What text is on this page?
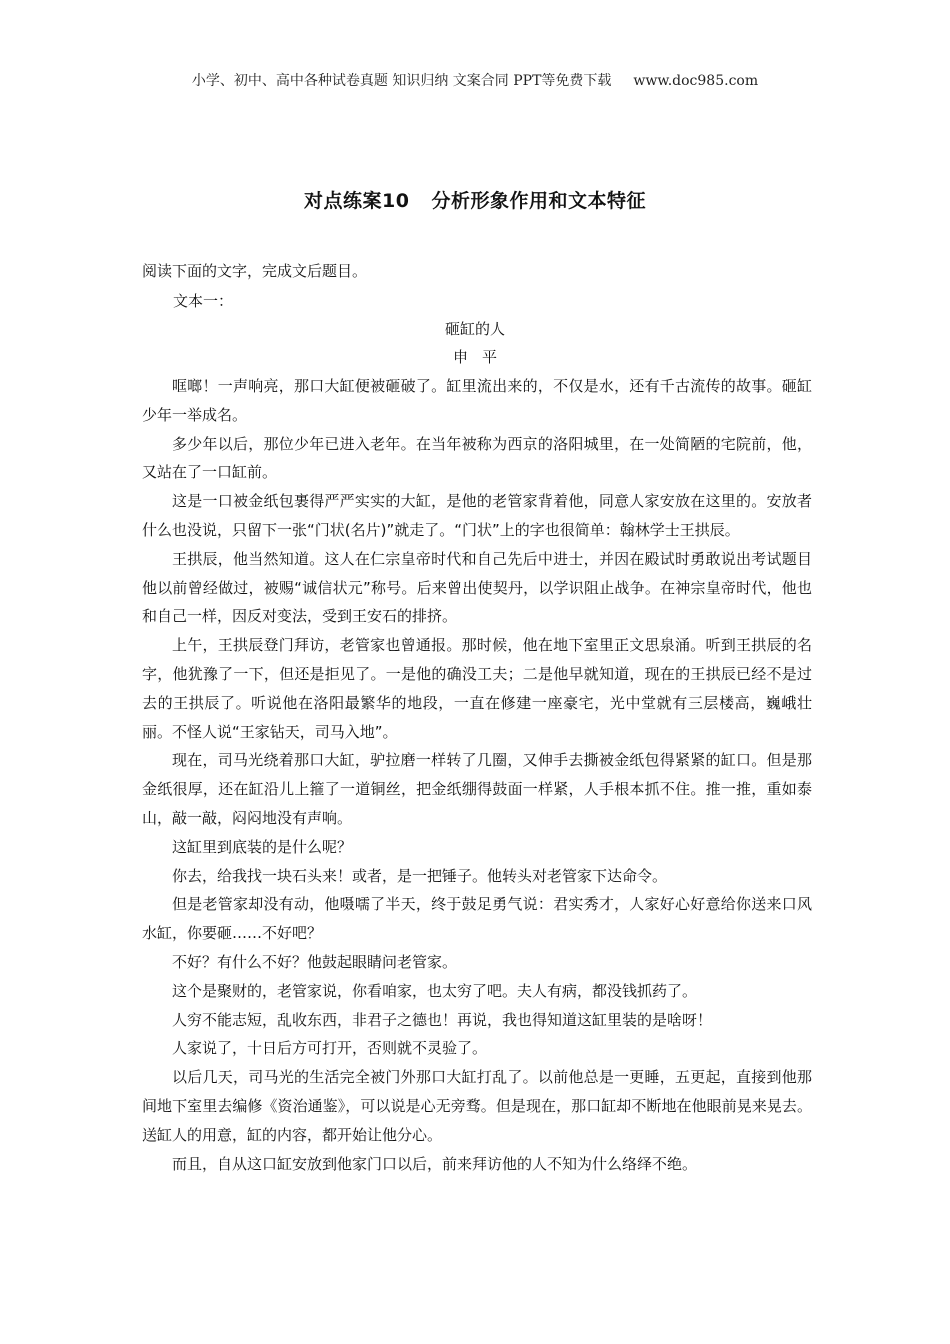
小学、初中、高中各种试卷真题 知识归纳 文案合同 PPT等免费下载 www.doc985.com
对点练案10 分析形象作用和文本特征
阅读下面的文字，完成文后题目。
文本一：
砸缸的人
申平

哐啷！一声响亮，那口大缸便被砸破了。缸里流出来的，不仅是水，还有千古流传的故事。砸缸少年一举成名。

多少年以后，那位少年已进入老年。在当年被称为西京的洛阳城里，在一处简陋的宅院前，他，又站在了一口缸前。

这是一口被金纸包裹得严严实实的大缸，是他的老管家背着他，同意人家安放在这里的。安放者什么也没说，只留下一张“门状(名片)”就走了。“门状”上的字也很简单：翰林学士王拱辰。

王拱辰，他当然知道。这人在仁宗皇帝时代和自己先后中进士，并因在殿试时勇敢说出考试题目他以前曾经做过，被赐“诚信状元”称号。后来曾出使契丹，以学识阻止战争。在神宗皇帝时代，他也和自己一样，因反对变法，受到王安石的排挤。

上午，王拱辰登门拜访，老管家也曾通报。那时候，他在地下室里正文思泉涌。听到王拱辰的名字，他犹豫了一下，但还是拒见了。一是他的确没工夫；二是他早就知道，现在的王拱辰已经不是过去的王拱辰了。听说他在洛阳最繁华的地段，一直在修建一座豪宅，光中堂就有三层楼高，巍峨壮丽。不怪人说“王家钻天，司马入地”。

现在，司马光绕着那口大缸，驴拉磨一样转了几圈，又伸手去撕被金纸包得紧紧的缸口。但是那金纸很厚，还在缸沿儿上箍了一道铜丝，把金纸绷得鼓面一样紧，人手根本抓不住。推一推，重如泰山，敲一敲，闷闷地没有声响。

这缸里到底装的是什么呢？

你去，给我找一块石头来！或者，是一把锤子。他转头对老管家下达命令。

但是老管家却没有动，他嗫嚅了半天，终于鼓足勇气说：君实秀才，人家好心好意给你送来口风水缸，你要砸……不好吧？

不好？有什么不好？他鼓起眼睛问老管家。

这个是聚财的，老管家说，你看咱家，也太穷了吧。夫人有病，都没钱抓药了。

人穷不能志短，乱收东西，非君子之德也！再说，我也得知道这缸里装的是啥呀！

人家说了，十日后方可打开，否则就不灵验了。

以后几天，司马光的生活完全被门外那口大缸打乱了。以前他总是一更睡，五更起，直接到他那间地下室里去编修《资治通鉴》，可以说是心无旁骛。但是现在，那口缸却不断地在他眼前晃来晃去。送缸人的用意，缸的内容，都开始让他分心。

而且，自从这口缸安放到他家门口以后，前来拜访他的人不知为什么络绎不绝。
